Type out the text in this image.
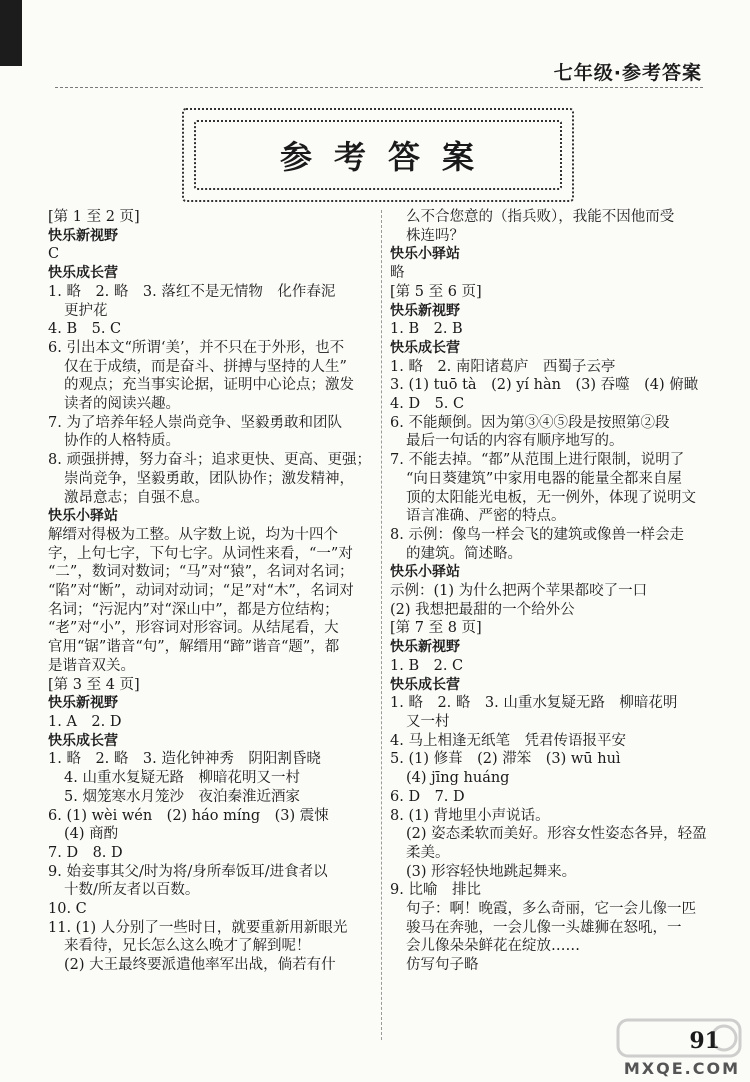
七年级·参考答案
参考答案
[第 1 至 2 页]
快乐新视野
C
快乐成长营
1. 略　2. 略　3. 落红不是无情物　化作春泥
更护花
4. B　5. C
6. 引出本文“所谓‘美’，并不只在于外形，也不
仅在于成绩，而是奋斗、拼搏与坚持的人生”
的观点；充当事实论据，证明中心论点；激发
读者的阅读兴趣。
7. 为了培养年轻人崇尚竞争、坚毅勇敢和团队
协作的人格特质。
8. 顽强拼搏，努力奋斗；追求更快、更高、更强；
崇尚竞争，坚毅勇敢，团队协作；激发精神，
激昂意志；自强不息。
快乐小驿站
解缙对得极为工整。从字数上说，均为十四个
字，上句七字，下句七字。从词性来看，“一”对
“二”，数词对数词；“马”对“猿”，名词对名词；
“陷”对“断”，动词对动词；“足”对“木”，名词对
名词；“污泥内”对“深山中”，都是方位结构；
“老”对“小”，形容词对形容词。从结尾看，大
官用“锯”谐音“句”，解缙用“蹄”谐音“题”，都
是谐音双关。
[第 3 至 4 页]
快乐新视野
1. A　2. D
快乐成长营
1. 略　2. 略　3. 造化钟神秀　阴阳割昏晓
4. 山重水复疑无路　柳暗花明又一村
5. 烟笼寒水月笼沙　夜泊秦淮近酒家
6. (1) wèi wén　(2) háo míng　(3) 震悚
(4) 商酌
7. D　8. D
9. 始妾事其父/时为将/身所奉饭耳/进食者以
十数/所友者以百数。
10. C
11. (1) 人分别了一些时日，就要重新用新眼光
来看待，兄长怎么这么晚才了解到呢！
(2) 大王最终要派遣他率军出战，倘若有什
么不合您意的（指兵败），我能不因他而受
株连吗？
快乐小驿站
略
[第 5 至 6 页]
快乐新视野
1. B　2. B
快乐成长营
1. 略　2. 南阳诸葛庐　西蜀子云亭
3. (1) tuō tà　(2) yí hàn　(3) 吞噬　(4) 俯瞰
4. D　5. C
6. 不能颠倒。因为第③④⑤段是按照第②段
最后一句话的内容有顺序地写的。
7. 不能去掉。“都”从范围上进行限制，说明了
“向日葵建筑”中家用电器的能量全都来自屋
顶的太阳能光电板，无一例外，体现了说明文
语言准确、严密的特点。
8. 示例：像鸟一样会飞的建筑或像兽一样会走
的建筑。简述略。
快乐小驿站
示例：(1) 为什么把两个苹果都咬了一口
(2) 我想把最甜的一个给外公
[第 7 至 8 页]
快乐新视野
1. B　2. C
快乐成长营
1. 略　2. 略　3. 山重水复疑无路　柳暗花明
又一村
4. 马上相逢无纸笔　凭君传语报平安
5. (1) 修葺　(2) 滞笨　(3) wū huì
(4) jīng huáng
6. D　7. D
8. (1) 背地里小声说话。
(2) 姿态柔软而美好。形容女性姿态各异，轻盈
柔美。
(3) 形容轻快地跳起舞来。
9. 比喻　排比
句子：啊！晚霞，多么奇丽，它一会儿像一匹
骏马在奔驰，一会儿像一头雄狮在怒吼，一
会儿像朵朵鲜花在绽放……
仿写句子略
91
MXQE.COM
